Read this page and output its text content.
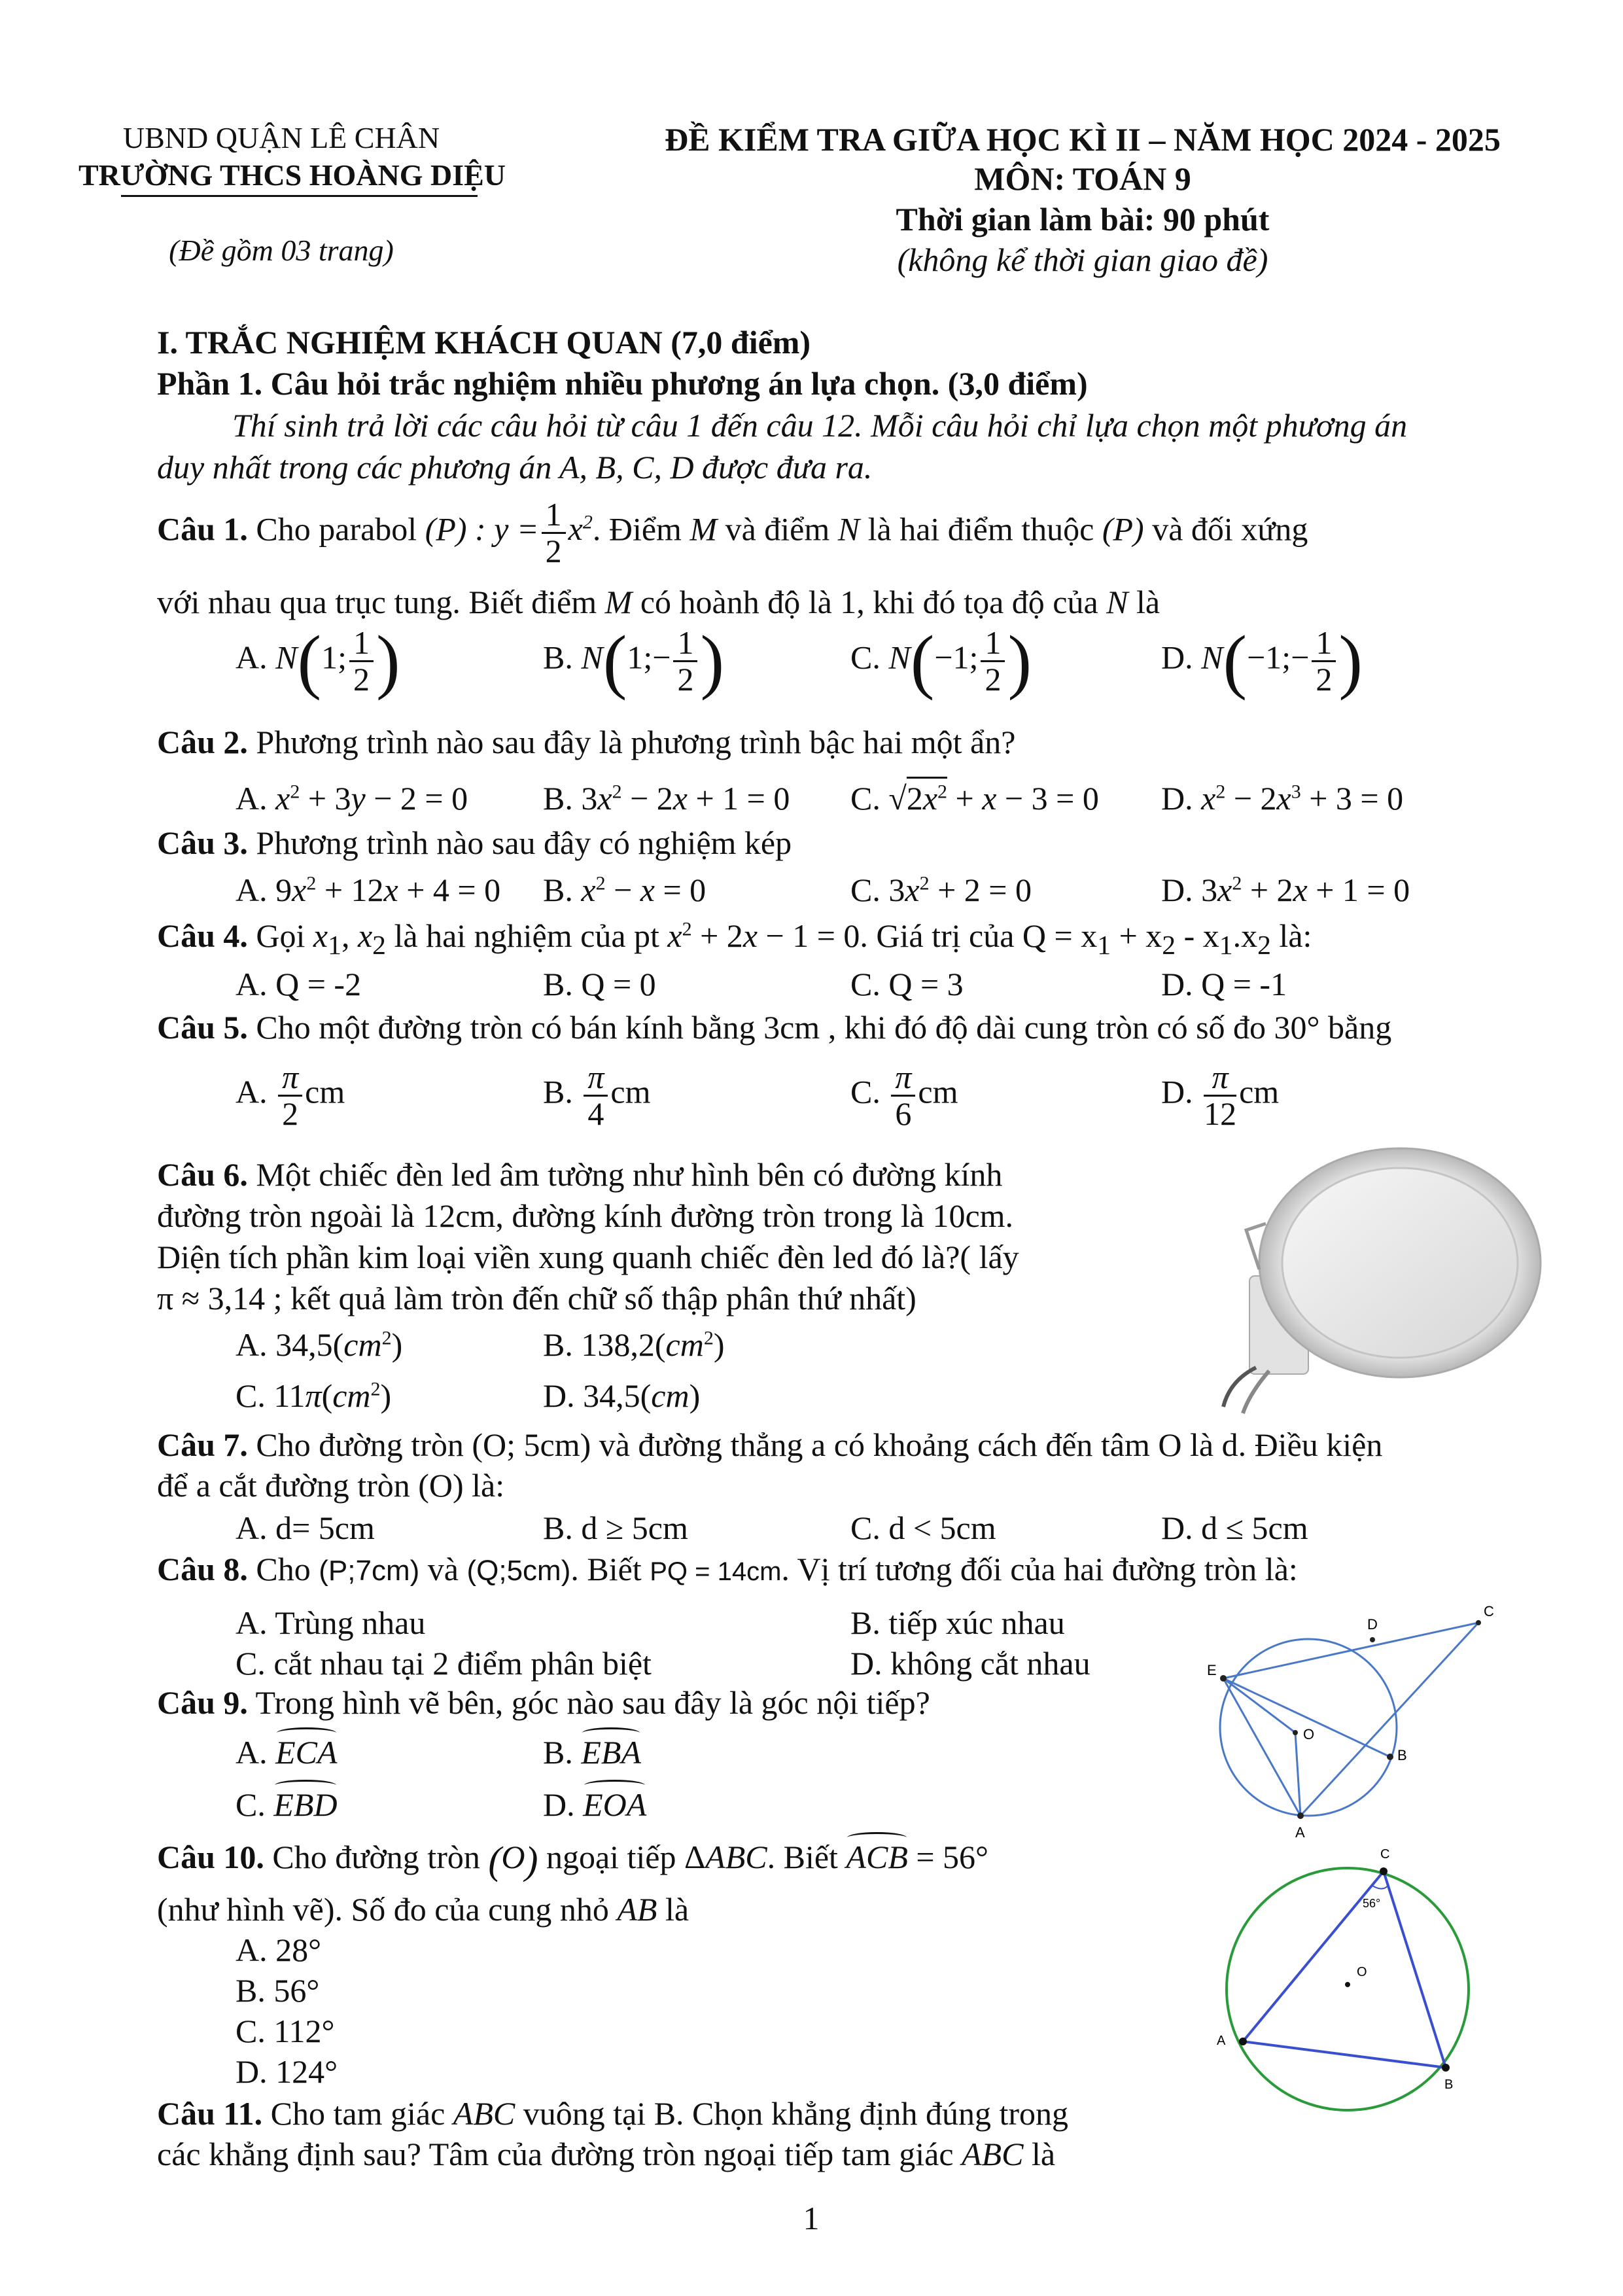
UBND QUẬN LÊ CHÂN
TRƯỜNG THCS HOÀNG DIỆU
(Đề gồm 03 trang)
ĐỀ KIỂM TRA GIỮA HỌC KÌ II – NĂM HỌC 2024 - 2025
MÔN: TOÁN 9
Thời gian làm bài: 90 phút
(không kể thời gian giao đề)
I. TRẮC NGHIỆM KHÁCH QUAN (7,0 điểm)
Phần 1. Câu hỏi trắc nghiệm nhiều phương án lựa chọn. (3,0 điểm)
Thí sinh trả lời các câu hỏi từ câu 1 đến câu 12. Mỗi câu hỏi chỉ lựa chọn một phương án
duy nhất trong các phương án A, B, C, D được đưa ra.
Câu 1. Cho parabol (P) : $y = \frac{1}{2} x^2$. Điểm M và điểm N là hai điểm thuộc (P) và đối xứng
với nhau qua trục tung. Biết điểm M có hoành độ là 1, khi đó tọa độ của N là
A. N(1; $\frac{1}{2}$ )	B. N(1;− $\frac{1}{2}$ )	C. N(−1; $\frac{1}{2}$ )	D. N(−1;− $\frac{1}{2}$ )
Câu 2. Phương trình nào sau đây là phương trình bậc hai một ẩn?
A. $x^2 + 3y - 2 = 0$ B. $3x^2 - 2x + 1 = 0$ C. $√2x^2 + x - 3 = 0$ D. $x^2 - 2x^3 + 3 = 0$
Câu 3. Phương trình nào sau đây có nghiệm kép
A. $9x^2 + 12x + 4 = 0$ B. $x^2 - x = 0$	C. $3x^2 + 2 = 0$	D. $3x^2 + 2x + 1 = 0$
Câu 4. Gọi $x_1$, $x_2$ là hai nghiệm của pt $x^2 + 2x - 1 = 0$. Giá trị của $Q = x_1 + x_2 - x_1.x_2$ là:
A. Q = -2	B. Q = 0	C. Q = 3	D. Q = -1
Câu 5. Cho một đường tròn có bán kính bằng 3cm , khi đó độ dài cung tròn có số đo 30° bằng
A. $\frac{\pi}{2}$ cm	B. $\frac{\pi}{4}$ cm	C. $\frac{\pi}{6}$ cm	D. $\frac{\pi}{12}$ cm
Câu 6. Một chiếc đèn led âm tường như hình bên có đường kính
đường tròn ngoài là 12cm, đường kính đường tròn trong là 10cm.
Diện tích phần kim loại viền xung quanh chiếc đèn led đó là?( lấy
π ≈ 3,14 ; kết quả làm tròn đến chữ số thập phân thứ nhất)
A. $34,5(cm^2)$	B. $138,2(cm^2)$
C. $11\pi(cm^2)$	D. 34,5(cm)
Câu 7. Cho đường tròn (O; 5cm) và đường thẳng a có khoảng cách đến tâm O là d. Điều kiện
để a cắt đường tròn (O) là:
A. d= 5cm	B. d ≥ 5cm	C. d < 5cm	D. d ≤ 5cm
Câu 8. Cho (P;7cm) và (Q;5cm). Biết PQ = 14cm. Vị trí tương đối của hai đường tròn là:
A. Trùng nhau	B. tiếp xúc nhau
C. cắt nhau tại 2 điểm phân biệt	D. không cắt nhau
Câu 9. Trong hình vẽ bên, góc nào sau đây là góc nội tiếp?
A. ECA	B. EBA
C. EBD	D. EOA
D
C
E
O
B
A
Câu 10. Cho đường tròn (O) ngoại tiếp ΔABC. Biết ACB = 56°
(như hình vẽ). Số đo của cung nhỏ AB là
A. 28°
B. 56°
C. 112°
D. 124°
C
56°
O
A
B
Câu 11. Cho tam giác ABC vuông tại B. Chọn khẳng định đúng trong
các khẳng định sau? Tâm của đường tròn ngoại tiếp tam giác ABC là
1
